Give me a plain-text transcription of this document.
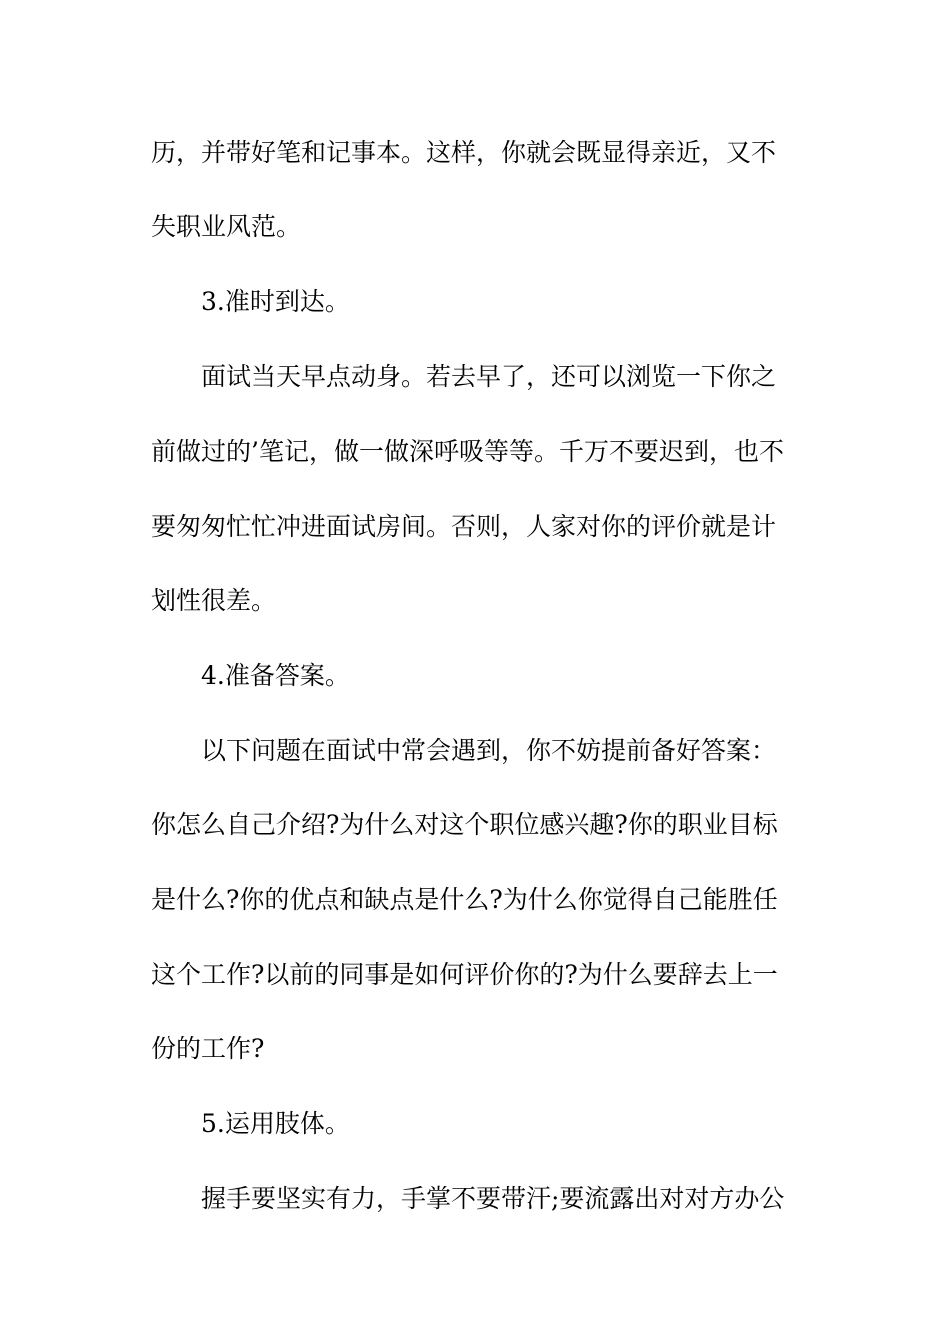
历，并带好笔和记事本。这样，你就会既显得亲近，又不
失职业风范。
3.准时到达。
面试当天早点动身。若去早了，还可以浏览一下你之
前做过的’笔记，做一做深呼吸等等。千万不要迟到，也不
要匆匆忙忙冲进面试房间。否则，人家对你的评价就是计
划性很差。
4.准备答案。
以下问题在面试中常会遇到，你不妨提前备好答案：
你怎么自己介绍?为什么对这个职位感兴趣?你的职业目标
是什么?你的优点和缺点是什么?为什么你觉得自己能胜任
这个工作?以前的同事是如何评价你的?为什么要辞去上一
份的工作?
5.运用肢体。
握手要坚实有力，手掌不要带汗;要流露出对对方办公
